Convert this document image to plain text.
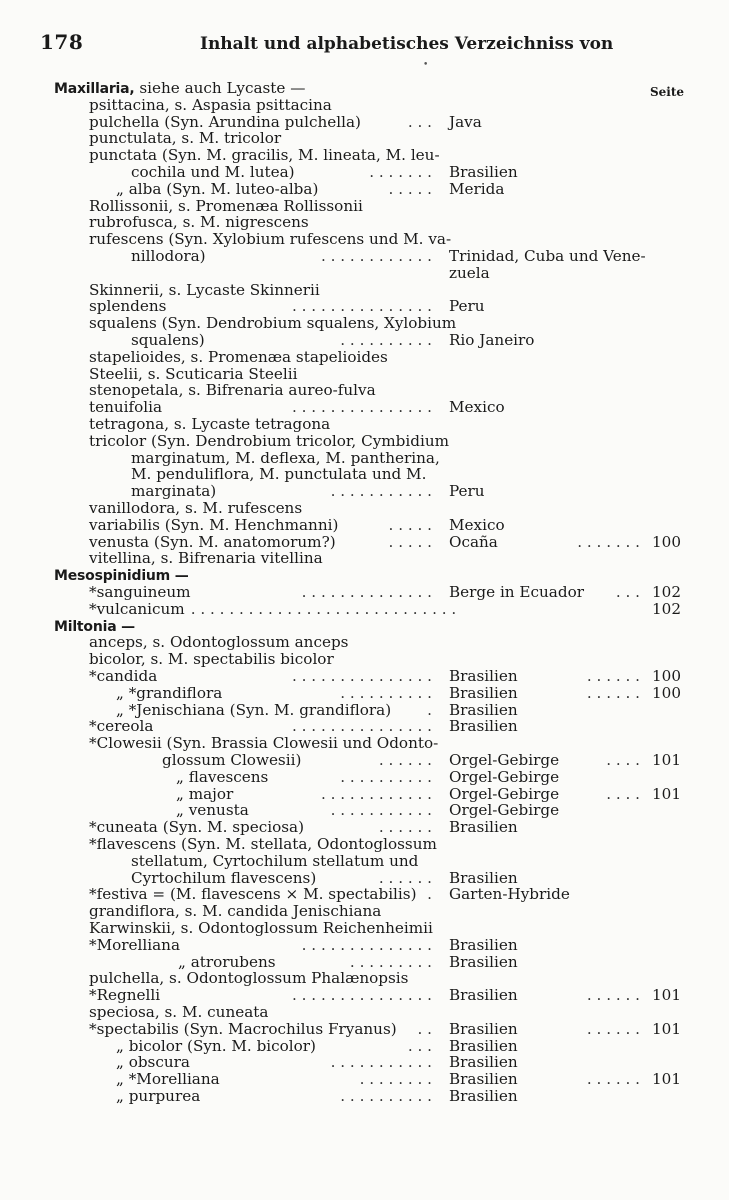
178	Inhalt und alphabetisches Verzeichniss von
•
Seite
Maxillaria, siehe auch Lycaste —
psittacina, s. Aspasia psittacina
pulchella (Syn. Arundina pulchella)	. . . Java
punctulata, s. M. tricolor
punctata (Syn. M. gracilis, M. lineata, M. leu-
cochila und M. lutea)	. . . . . . . Brasilien
„ alba (Syn. M. luteo-alba)	. . . . . Merida
Rollissonii, s. Promenæa Rollissonii
rubrofusca, s. M. nigrescens
rufescens (Syn. Xylobium rufescens und M. va-
nillodora)	. . . . . . . . . . . . Trinidad, Cuba und Vene-
zuela
Skinnerii, s. Lycaste Skinnerii
splendens	. . . . . . . . . . . . . . . Peru
squalens (Syn. Dendrobium squalens, Xylobium
squalens)	. . . . . . . . . . Rio Janeiro
stapelioides, s. Promenæa stapelioides
Steelii, s. Scuticaria Steelii
stenopetala, s. Bifrenaria aureo-fulva
tenuifolia	. . . . . . . . . . . . . . . Mexico
tetragona, s. Lycaste tetragona
tricolor (Syn. Dendrobium tricolor, Cymbidium
marginatum, M. deflexa, M. pantherina,
M. penduliflora, M. punctulata und M.
marginata)	. . . . . . . . . . . Peru
vanillodora, s. M. rufescens
variabilis (Syn. M. Henchmanni)	. . . . . Mexico
venusta (Syn. M. anatomorum?)	. . . . . Ocaña	. . . . . . . 100
vitellina, s. Bifrenaria vitellina
Mesospinidium —
*sanguineum	. . . . . . . . . . . . . . Berge in Ecuador . . . 102
*vulcanicum . . . . . . . . . . . . . . . . . . . . . . . . . . . .	102
Miltonia —
anceps, s. Odontoglossum anceps
bicolor, s. M. spectabilis bicolor
*candida	. . . . . . . . . . . . . . . Brasilien	. . . . . . 100
„ *grandiflora	. . . . . . . . . . Brasilien	. . . . . . 100
„ *Jenischiana (Syn. M. grandiflora) . Brasilien
*cereola	. . . . . . . . . . . . . . . Brasilien
*Clowesii (Syn. Brassia Clowesii und Odonto-
glossum Clowesii)	. . . . . . Orgel-Gebirge	. . . . 101
„ flavescens	. . . . . . . . . . Orgel-Gebirge
„ major	. . . . . . . . . . . . Orgel-Gebirge	. . . . 101
„ venusta	. . . . . . . . . . . Orgel-Gebirge
*cuneata (Syn. M. speciosa)	. . . . . . Brasilien
*flavescens (Syn. M. stellata, Odontoglossum
stellatum, Cyrtochilum stellatum und
Cyrtochilum flavescens)	. . . . . . Brasilien
*festiva = (M. flavescens × M. spectabilis) . Garten-Hybride
grandiflora, s. M. candida Jenischiana
Karwinskii, s. Odontoglossum Reichenheimii
*Morelliana	. . . . . . . . . . . . . . Brasilien
„ atrorubens	. . . . . . . . . Brasilien
pulchella, s. Odontoglossum Phalænopsis
*Regnelli	. . . . . . . . . . . . . . . Brasilien	. . . . . . 101
speciosa, s. M. cuneata
*spectabilis (Syn. Macrochilus Fryanus) . . Brasilien	. . . . . . 101
„ bicolor (Syn. M. bicolor)	. . . Brasilien
„ obscura	. . . . . . . . . . . Brasilien
„ *Morelliana	. . . . . . . . Brasilien	. . . . . . 101
„ purpurea	. . . . . . . . . . Brasilien
